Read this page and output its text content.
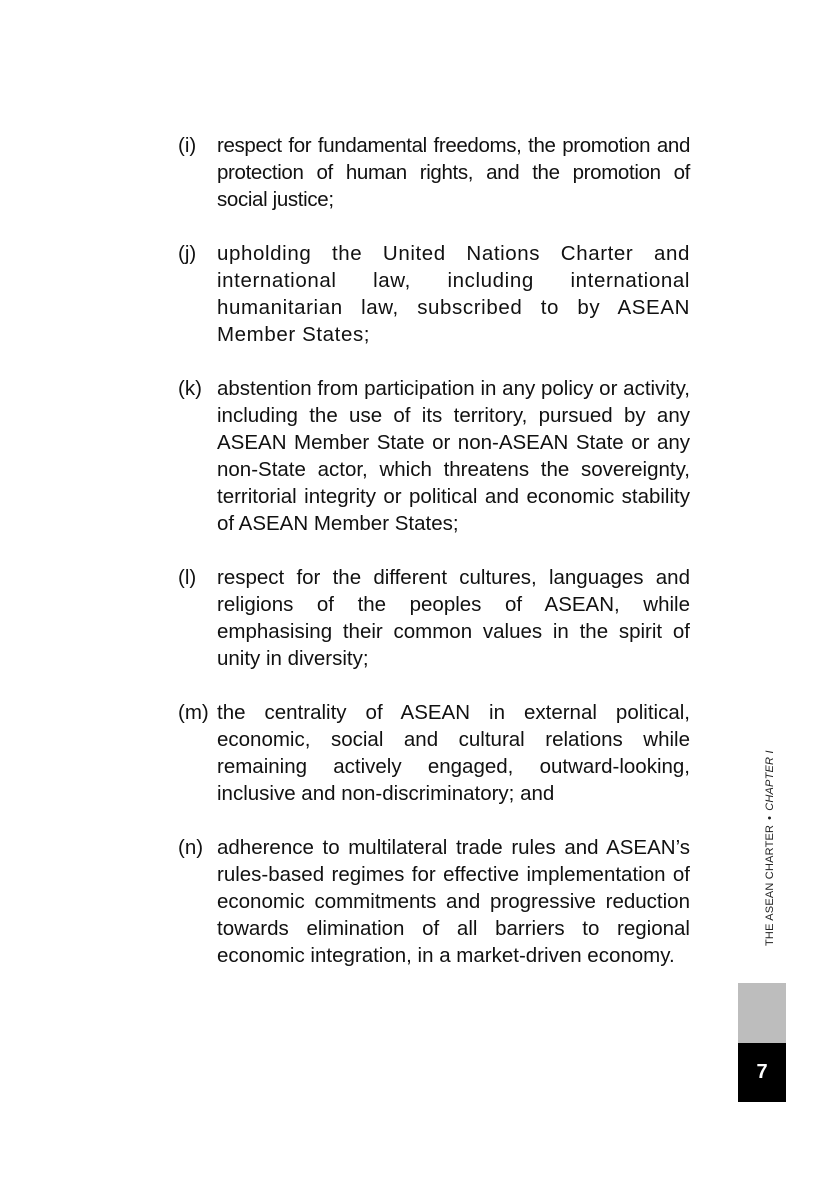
(i)	respect for fundamental freedoms, the promotion and protection of human rights, and the promotion of social justice;
(j)	upholding the United Nations Charter and international law, including international humanitarian law, subscribed to by ASEAN Member States;
(k) abstention from participation in any policy or activity, including the use of its territory, pursued by any ASEAN Member State or non-ASEAN State or any non-State actor, which threatens the sovereignty, territorial integrity or political and economic stability of ASEAN Member States;
(l)	respect for the different cultures, languages and religions of the peoples of ASEAN, while emphasising their common values in the spirit of unity in diversity;
(m) the centrality of ASEAN in external political, economic, social and cultural relations while remaining actively engaged, outward-looking, inclusive and non-discriminatory; and
(n) adherence to multilateral trade rules and ASEAN’s rules-based regimes for effective implementation of economic commitments and progressive reduction towards elimination of all barriers to regional economic integration, in a market-driven economy.
THE ASEAN CHARTER•CHAPTER I
7
